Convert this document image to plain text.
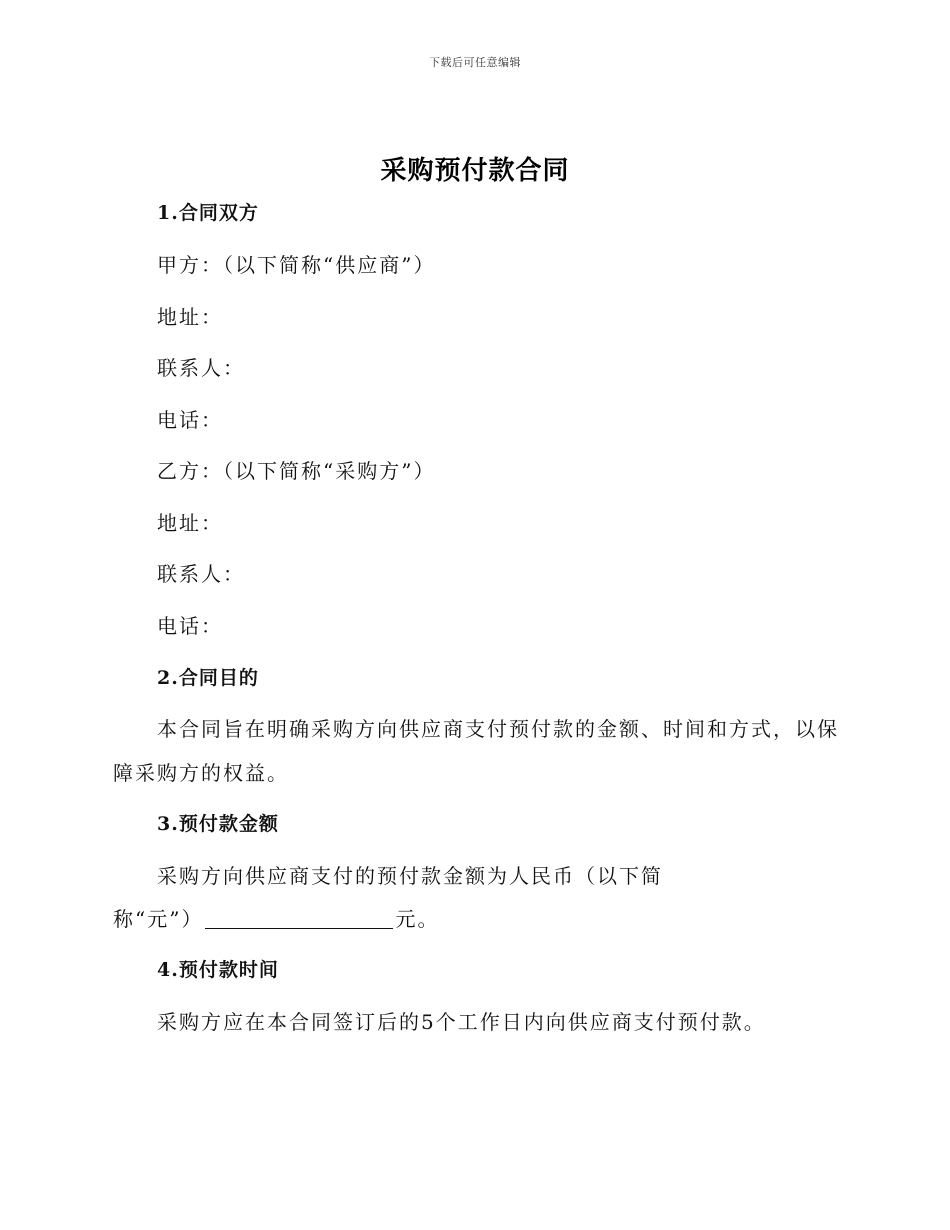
下载后可任意编辑
采购预付款合同
1.合同双方
甲方：（以下简称“供应商”）
地址：
联系人：
电话：
乙方：（以下简称“采购方”）
地址：
联系人：
电话：
2.合同目的
本合同旨在明确采购方向供应商支付预付款的金额、时间和方式，以保
障采购方的权益。
3.预付款金额
采购方向供应商支付的预付款金额为人民币（以下简
称“元”）	元。
4.预付款时间
采购方应在本合同签订后的5个工作日内向供应商支付预付款。
